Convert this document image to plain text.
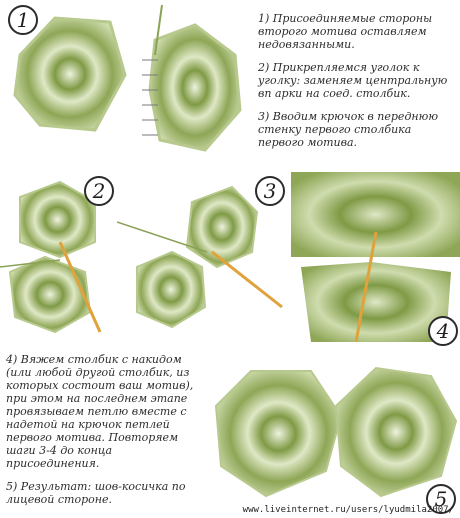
1	1) Присоединяемые стороны второго мотива оставляем недовязанными.

2) Прикрепляемся уголок к уголку: заменяем центральную вп арки на соед. столбик.

3) Вводим крючок в переднюю стенку первого столбика первого мотива.

2	3
4

4) Вяжем столбик с накидом (или любой другой столбик, из которых состоит ваш мотив), при этом на последнем этапе провязываем петлю вместе с надетой на крючок петлей первого мотива. Повторяем шаги 3-4 до конца присоединения.

5) Результат: шов-косичка по лицевой стороне.	5
www.liveinternet.ru/users/lyudmila2007/
